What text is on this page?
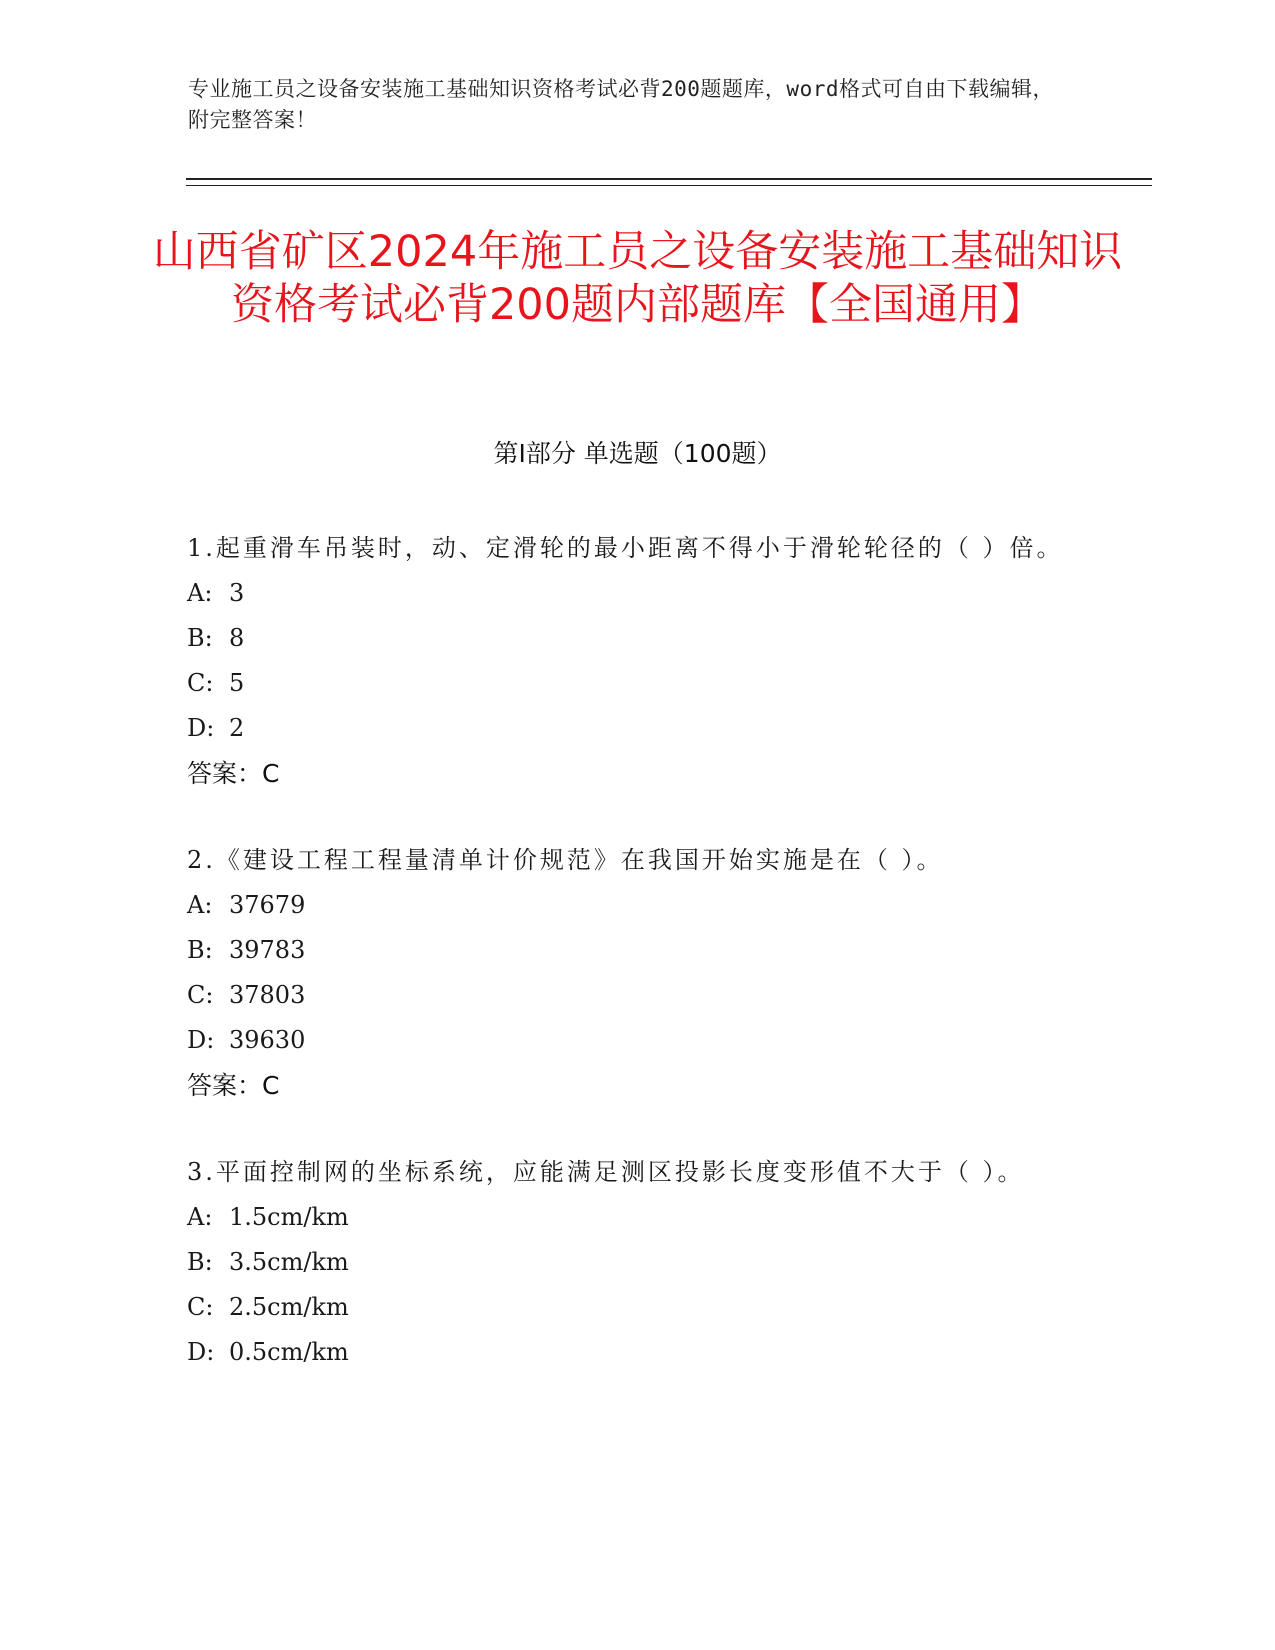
专业施工员之设备安装施工基础知识资格考试必背200题题库，word格式可自由下载编辑，附完整答案！
山西省矿区2024年施工员之设备安装施工基础知识资格考试必背200题内部题库【全国通用】
第Ⅰ部分 单选题（100题）

1.起重滑车吊装时，动、定滑轮的最小距离不得小于滑轮轮径的（ ）倍。

A: 3
B: 8
C: 5
D: 2
答案：C

2.《建设工程工程量清单计价规范》在我国开始实施是在（ ）。

A: 37679
B: 39783
C: 37803
D: 39630
答案：C

3.平面控制网的坐标系统，应能满足测区投影长度变形值不大于（ ）。

A: 1.5cm/km
B: 3.5cm/km
C: 2.5cm/km
D: 0.5cm/km
